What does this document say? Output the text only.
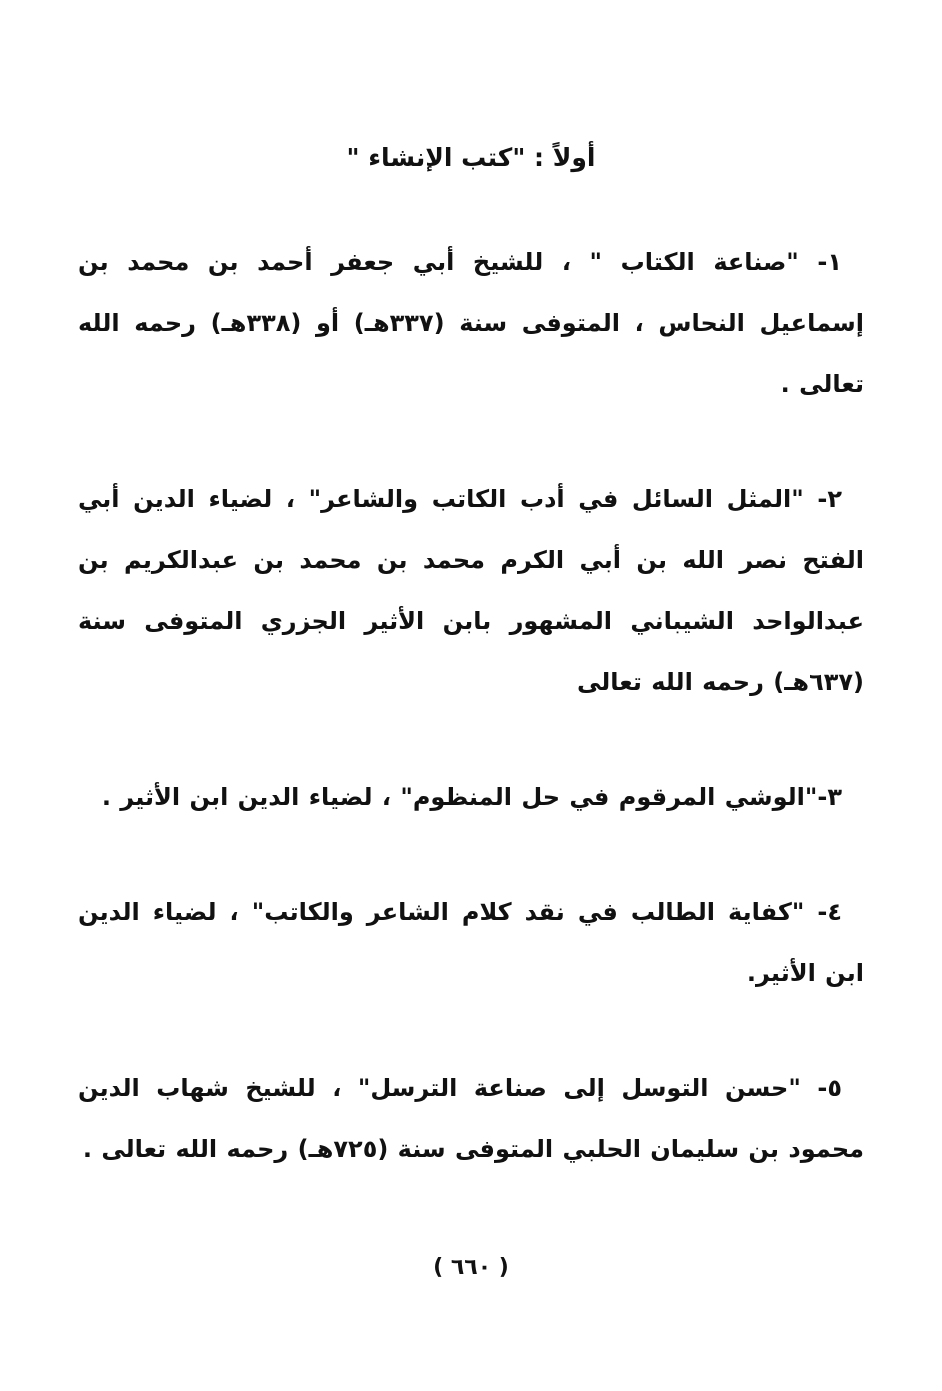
أولاً : "كتب الإنشاء "

١- "صناعة الكتاب " ، للشيخ أبي جعفر أحمد بن محمد بن إسماعيل النحاس ، المتوفى سنة (٣٣٧هـ) أو (٣٣٨هـ) رحمه الله تعالى .

٢- "المثل السائل في أدب الكاتب والشاعر" ، لضياء الدين أبي الفتح نصر الله بن أبي الكرم محمد بن محمد بن عبدالكريم بن عبدالواحد الشيباني المشهور بابن الأثير الجزري المتوفى سنة (٦٣٧هـ) رحمه الله تعالى

٣-"الوشي المرقوم في حل المنظوم" ، لضياء الدين ابن الأثير .

٤- "كفاية الطالب في نقد كلام الشاعر والكاتب" ، لضياء الدين ابن الأثير.

٥- "حسن التوسل إلى صناعة الترسل" ، للشيخ شهاب الدين محمود بن سليمان الحلبي المتوفى سنة (٧٢٥هـ) رحمه الله تعالى .

( ٦٦٠ )
